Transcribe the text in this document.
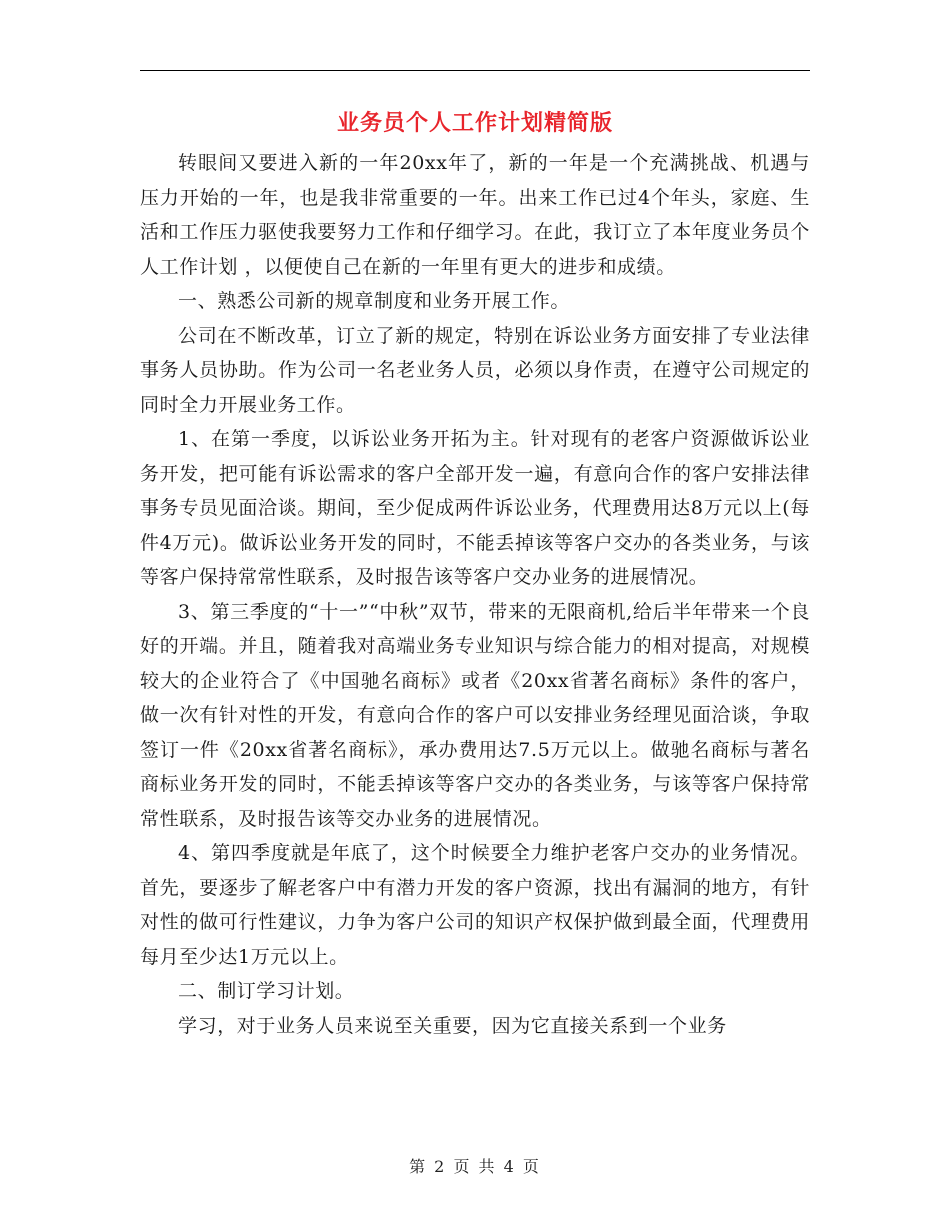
业务员个人工作计划精简版

转眼间又要进入新的一年20xx年了，新的一年是一个充满挑战、机遇与压力开始的一年，也是我非常重要的一年。出来工作已过4个年头，家庭、生活和工作压力驱使我要努力工作和仔细学习。在此，我订立了本年度业务员个人工作计划 ，以便使自己在新的一年里有更大的进步和成绩。

一、熟悉公司新的规章制度和业务开展工作。

公司在不断改革，订立了新的规定，特别在诉讼业务方面安排了专业法律事务人员协助。作为公司一名老业务人员，必须以身作责，在遵守公司规定的同时全力开展业务工作。

1、在第一季度，以诉讼业务开拓为主。针对现有的老客户资源做诉讼业务开发，把可能有诉讼需求的客户全部开发一遍，有意向合作的客户安排法律事务专员见面洽谈。期间，至少促成两件诉讼业务，代理费用达8万元以上(每件4万元)。做诉讼业务开发的同时，不能丢掉该等客户交办的各类业务，与该等客户保持常常性联系，及时报告该等客户交办业务的进展情况。

3、第三季度的“十一”“中秋”双节，带来的无限商机,给后半年带来一个良好的开端。并且，随着我对高端业务专业知识与综合能力的相对提高，对规模较大的企业符合了《中国驰名商标》或者《20xx省著名商标》条件的客户，做一次有针对性的开发，有意向合作的客户可以安排业务经理见面洽谈，争取签订一件《20xx省著名商标》，承办费用达7.5万元以上。做驰名商标与著名商标业务开发的同时，不能丢掉该等客户交办的各类业务，与该等客户保持常常性联系，及时报告该等交办业务的进展情况。

4、第四季度就是年底了，这个时候要全力维护老客户交办的业务情况。首先，要逐步了解老客户中有潜力开发的客户资源，找出有漏洞的地方，有针对性的做可行性建议，力争为客户公司的知识产权保护做到最全面，代理费用每月至少达1万元以上。

二、制订学习计划。

学习，对于业务人员来说至关重要，因为它直接关系到一个业务

第 2 页 共 4 页
